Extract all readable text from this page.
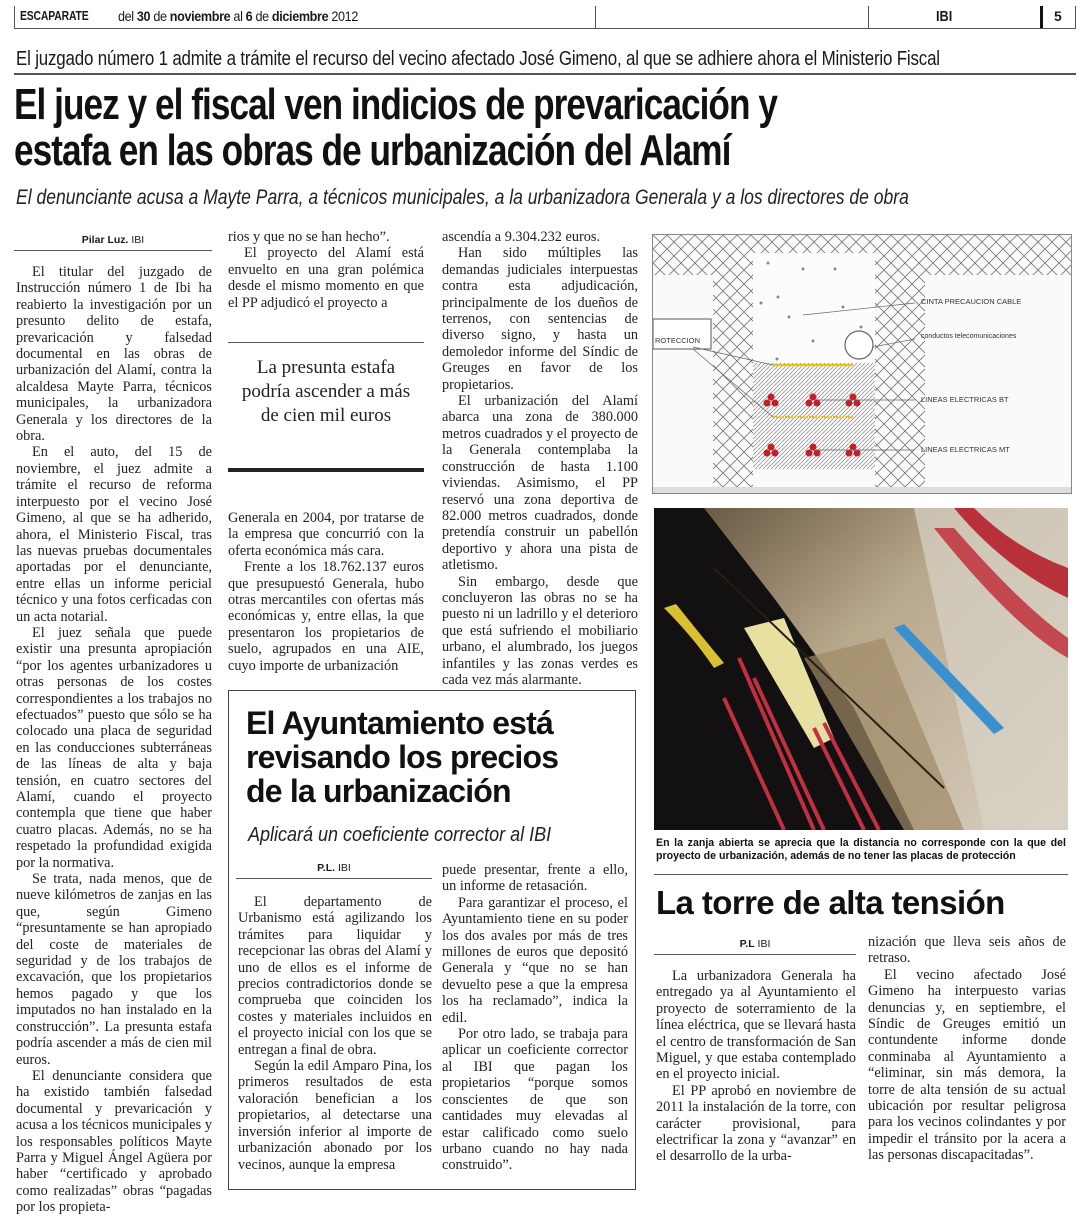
ESCAPARATE del 30 de noviembre al 6 de diciembre 2012	IBI	5
El juzgado número 1 admite a trámite el recurso del vecino afectado José Gimeno, al que se adhiere ahora el Ministerio Fiscal
El juez y el fiscal ven indicios de prevaricación y
estafa en las obras de urbanización del Alamí
El denunciante acusa a Mayte Parra, a técnicos municipales, a la urbanizadora Generala y a los directores de obra
Pilar Luz. IBI

El titular del juzgado de Instrucción número 1 de Ibi ha reabierto la investigación por un presunto delito de estafa, prevaricación y falsedad documental en las obras de urbanización del Alamí, contra la alcaldesa Mayte Parra, técnicos municipales, la urbanizadora Generala y los directores de la obra.

En el auto, del 15 de noviembre, el juez admite a trámite el recurso de reforma interpuesto por el vecino José Gimeno, al que se ha adherido, ahora, el Ministerio Fiscal, tras las nuevas pruebas documentales aportadas por el denunciante, entre ellas un informe pericial técnico y una fotos cerficadas con un acta notarial.

El juez señala que puede existir una presunta apropiación “por los agentes urbanizadores u otras personas de los costes correspondientes a los trabajos no efectuados” puesto que sólo se ha colocado una placa de seguridad en las conducciones subterráneas de las líneas de alta y baja tensión, en cuatro sectores del Alamí, cuando el proyecto contempla que tiene que haber cuatro placas. Además, no se ha respetado la profundidad exigida por la normativa.

Se trata, nada menos, que de nueve kilómetros de zanjas en las que, según Gimeno “presuntamente se han apropiado del coste de materiales de seguridad y de los trabajos de excavación, que los propietarios hemos pagado y que los imputados no han instalado en la construcción”. La presunta estafa podría ascender a más de cien mil euros.

El denunciante considera que ha existido también falsedad documental y prevaricación y acusa a los técnicos municipales y los responsables políticos Mayte Parra y Miguel Ángel Agüera por haber “certificado y aprobado como realizadas” obras “pagadas por los propieta-

rios y que no se han hecho”.

El proyecto del Alamí está envuelto en una gran polémica desde el mismo momento en que el PP adjudicó el proyecto a

La presunta estafa podría ascender a más de cien mil euros

Generala en 2004, por tratarse de la empresa que concurrió con la oferta económica más cara.

Frente a los 18.762.137 euros que presupuestó Generala, hubo otras mercantiles con ofertas más económicas y, entre ellas, la que presentaron los propietarios de suelo, agrupados en una AIE, cuyo importe de urbanización

ascendía a 9.304.232 euros.

Han sido múltiples las demandas judiciales interpuestas contra esta adjudicación, principalmente de los dueños de terrenos, con sentencias de diverso signo, y hasta un demoledor informe del Síndic de Greuges en favor de los propietarios.

El urbanización del Alamí abarca una zona de 380.000 metros cuadrados y el proyecto de la Generala contemplaba la construcción de hasta 1.100 viviendas. Asimismo, el PP reservó una zona deportiva de 82.000 metros cuadrados, donde pretendía construir un pabellón deportivo y ahora una pista de atletismo.

Sin embargo, desde que concluyeron las obras no se ha puesto ni un ladrillo y el deterioro que está sufriendo el mobiliario urbano, el alumbrado, los juegos infantiles y las zonas verdes es cada vez más alarmante.

ROTECCION
CINTA PRECAUCION CABLE
conductos telecomunicaciones
LINEAS ELECTRICAS BT
LINEAS ELECTRICAS MT
En la zanja abierta se aprecia que la distancia no corresponde con la que del proyecto de urbanización, además de no tener las placas de protección
El Ayuntamiento está
revisando los precios
de la urbanización
Aplicará un coeficiente corrector al IBI
P.L. IBI

El departamento de Urbanismo está agilizando los trámites para liquidar y recepcionar las obras del Alamí y uno de ellos es el informe de precios contradictorios donde se comprueba que coinciden los costes y materiales incluidos en el proyecto inicial con los que se entregan a final de obra.

Según la edil Amparo Pina, los primeros resultados de esta valoración benefician a los propietarios, al detectarse una inversión inferior al importe de urbanización abonado por los vecinos, aunque la empresa

puede presentar, frente a ello, un informe de retasación.

Para garantizar el proceso, el Ayuntamiento tiene en su poder los dos avales por más de tres millones de euros que depositó Generala y “que no se han devuelto pese a que la empresa los ha reclamado”, indica la edil.

Por otro lado, se trabaja para aplicar un coeficiente corrector al IBI que pagan los propietarios “porque somos conscientes de que son cantidades muy elevadas al estar calificado como suelo urbano cuando no hay nada construido”.

La torre de alta tensión
P.L IBI

La urbanizadora Generala ha entregado ya al Ayuntamiento el proyecto de soterramiento de la línea eléctrica, que se llevará hasta el centro de transformación de San Miguel, y que estaba contemplado en el proyecto inicial.

El PP aprobó en noviembre de 2011 la instalación de la torre, con carácter provisional, para electrificar la zona y “avanzar” en el desarrollo de la urba-

nización que lleva seis años de retraso.

El vecino afectado José Gimeno ha interpuesto varias denuncias y, en septiembre, el Síndic de Greuges emitió un contundente informe donde conminaba al Ayuntamiento a “eliminar, sin más demora, la torre de alta tensión de su actual ubicación por resultar peligrosa para los vecinos colindantes y por impedir el tránsito por la acera a las personas discapacitadas”.
